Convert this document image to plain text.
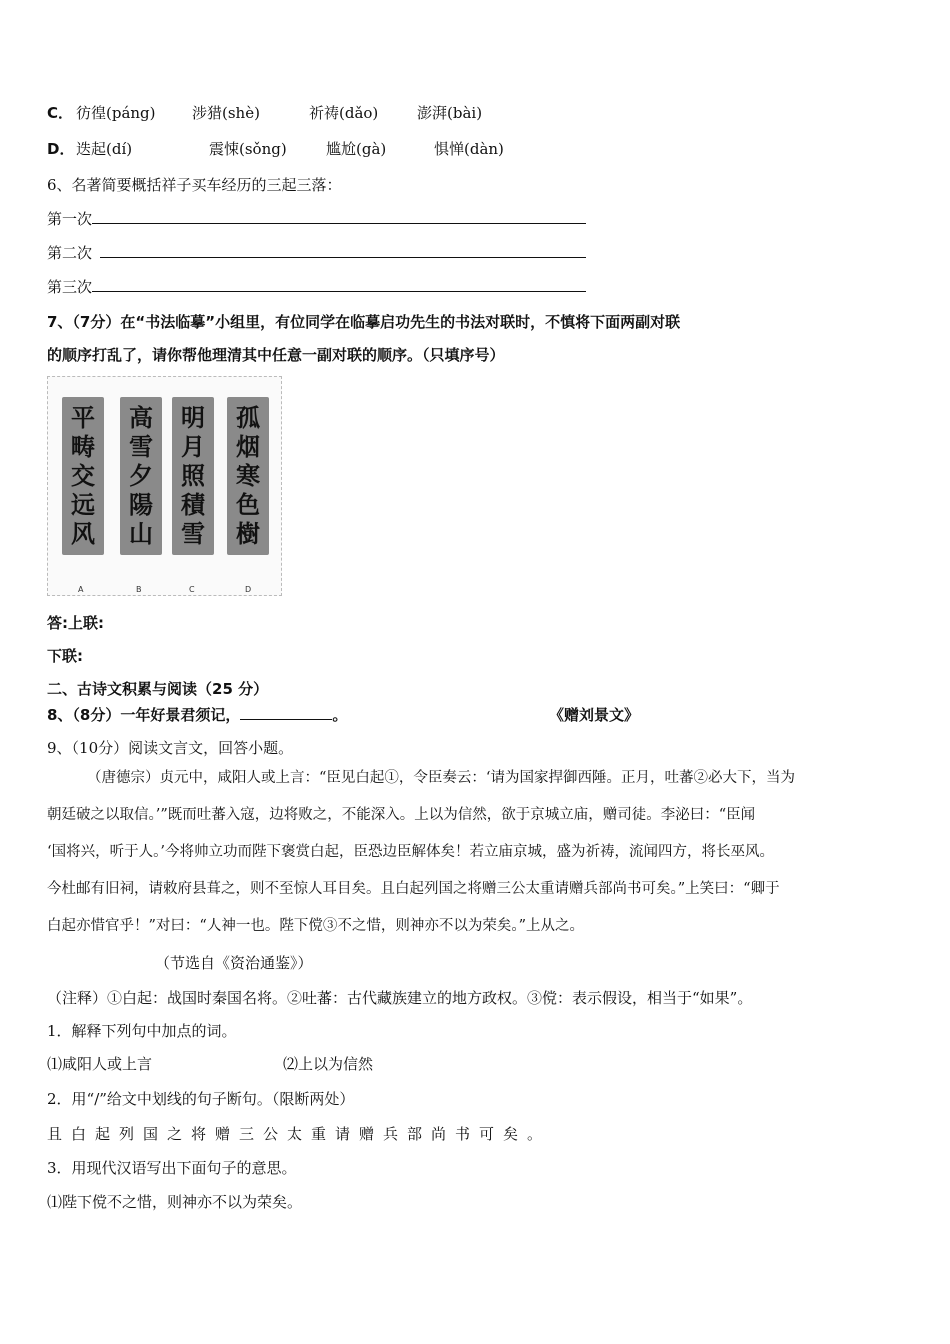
C． 彷徨(páng) 涉猎(shè)	祈祷(dǎo)	澎湃(bài)
D． 迭起(dí)	震悚(sǒng)	尴尬(gà)	惧惮(dàn)
6、名著简要概括祥子买车经历的三起三落：
第一次
第二次
第三次
7、（7分）在“书法临摹”小组里，有位同学在临摹启功先生的书法对联时，不慎将下面两副对联
的顺序打乱了，请你帮他理清其中任意一副对联的顺序。（只填序号）
平
畴
交
远
风
高
雪
夕
陽
山
明
月
照
積
雪
孤
烟
寒
色
樹
A	B	C	D
答:上联:
下联:
二、古诗文积累与阅读（25 分）
8、（8分）一年好景君须记，	。	《赠刘景文》
9、（10分）阅读文言文，回答小题。
（唐德宗）贞元中，咸阳人或上言：“臣见白起①，令臣奏云：‘请为国家捍御西陲。正月，吐蕃②必大下，当为
朝廷破之以取信。’”既而吐蕃入寇，边将败之，不能深入。上以为信然，欲于京城立庙，赠司徒。李泌曰：“臣闻
‘国将兴，听于人。’今将帅立功而陛下褒赏白起，臣恐边臣解体矣！若立庙京城，盛为祈祷，流闻四方，将长巫风。
今杜邮有旧祠，请敕府县葺之，则不至惊人耳目矣。且白起列国之将赠三公太重请赠兵部尚书可矣。”上笑曰：“卿于
白起亦惜官乎！”对曰：“人神一也。陛下傥③不之惜，则神亦不以为荣矣。”上从之。
（节选自《资治通鉴》）
（注释）①白起：战国时秦国名将。②吐蕃：古代藏族建立的地方政权。③傥：表示假设，相当于“如果”。
1．解释下列句中加点的词。
⑴咸阳人或上言	⑵上以为信然
2．用“/”给文中划线的句子断句。（限断两处）
且白起列国之将赠三公太重请赠兵部尚书可矣。
3．用现代汉语写出下面句子的意思。
⑴陛下傥不之惜，则神亦不以为荣矣。
